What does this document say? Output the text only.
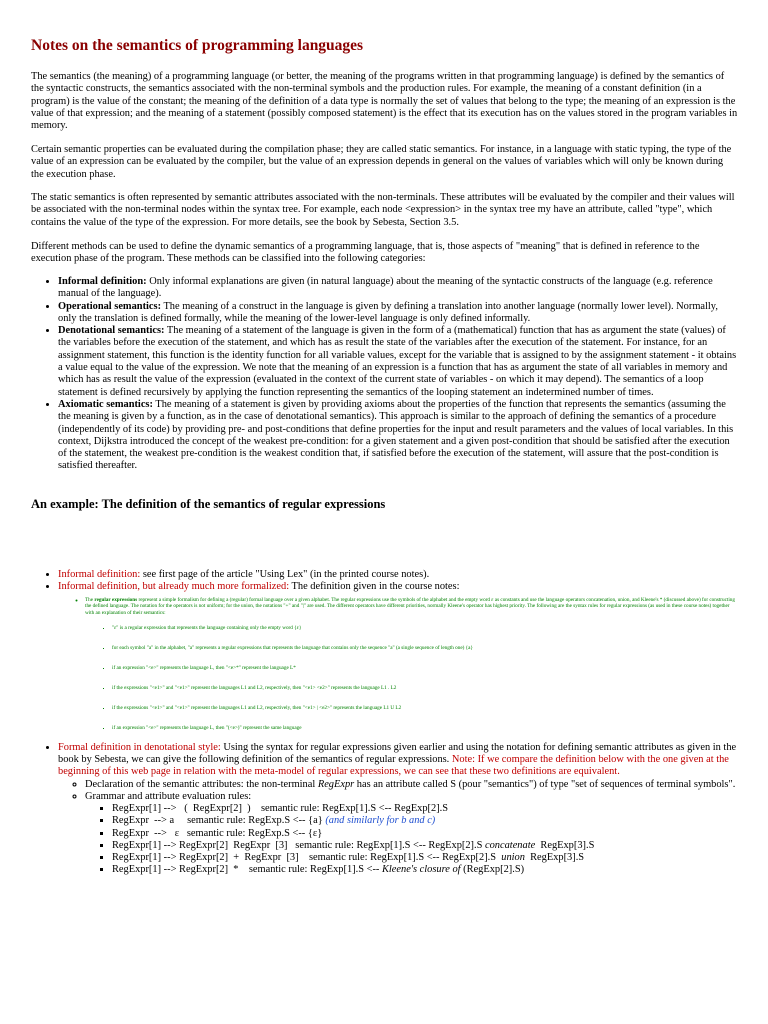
Notes on the semantics of programming languages

The semantics (the meaning) of a programming language (or better, the meaning of the programs written in that programming language) is defined by the semantics of the syntactic constructs, the semantics associated with the non-terminal symbols and the production rules. For example, the meaning of a constant definition (in a program) is the value of the constant; the meaning of the definition of a data type is normally the set of values that belong to the type; the meaning of an expression is the value of that expression; and the meaning of a statement (possibly composed statement) is the effect that its execution has on the values stored in the program variables in memory.

Certain semantic properties can be evaluated during the compilation phase; they are called static semantics. For instance, in a language with static typing, the type of the value of an expression can be evaluated by the compiler, but the value of an expression depends in general on the values of variables which will only be known during the execution phase.

The static semantics is often represented by semantic attributes associated with the non-terminals. These attributes will be evaluated by the compiler and their values will be associated with the non-terminal nodes within the syntax tree. For example, each node <expression> in the syntax tree my have an attribute, called "type", which contains the value of the type of the expression. For more details, see the book by Sebesta, Section 3.5.

Different methods can be used to define the dynamic semantics of a programming language, that is, those aspects of "meaning" that is defined in reference to the execution phase of the program. These methods can be classified into the following categories:

• Informal definition: Only informal explanations are given (in natural language) about the meaning of the syntactic constructs of the language (e.g. reference manual of the language).
• Operational semantics: The meaning of a construct in the language is given by defining a translation into another language (normally lower level). Normally, only the translation is defined formally, while the meaning of the lower-level language is only defined informally.
• Denotational semantics: The meaning of a statement of the language is given in the form of a (mathematical) function that has as argument the state (values) of the variables before the execution of the statement, and which has as result the state of the variables after the execution of the statement. For instance, for an assignment statement, this function is the identity function for all variable values, except for the variable that is assigned to by the assignment statement - it obtains a value equal to the value of the expression. We note that the meaning of an expression is a function that has as argument the state of all variables in memory and which has as result the value of the expression (evaluated in the context of the current state of variables - on which it may depend). The semantics of a loop statement is defined recursively by applying the function representing the semantics of the looping statement an indetermined number of times.
• Axiomatic semantics: The meaning of a statement is given by providing axioms about the properties of the function that represents the semantics (assuming the the meaning is given by a function, as in the case of denotational semantics). This approach is similar to the approach of defining the semantics of a procedure (independently of its code) by providing pre- and post-conditions that define properties for the input and result parameters and the values of local variables. In this context, Dijkstra introduced the concept of the weakest pre-condition: for a given statement and a given post-condition that should be satisfied after the execution of the statement, the weakest pre-condition is the weakest condition that, if satisfied before the execution of the statement, will assure that the post-condition is satisfied thereafter.
An example: The definition of the semantics of regular expressions
• Informal definition: see first page of the article "Using Lex" (in the printed course notes).
• Informal definition, but already much more formalized: The definition given in the course notes:
◦ The regular expressions represent a simple formalism for defining a (regular) formal language over a given alphabet. The regular expressions use the symbols of the alphabet and the empty word ε as constants and use the language operators concatenation, union, and Kleene's * (discussed above) for constructing the defined language. The notation for the operators is not uniform; for the union, the notations "+" and "|" are used. The different operators have different priorities, normally Kleene's operator has highest priority. The following are the syntax rules for regular expressions (as used in these course notes) together with an explanation of their semantics:
▪ "ε" is a regular expression that represents the language containing only the empty word {ε}
▪ for each symbol "a" in the alphabet, "a" represents a regular expressions that represents the language that contains only the sequence "a" (a single sequence of length one) {a}
▪ if an expression "<e>" represents the language L, then "<e>*" represent the language L*
▪ if the expressions "<e1>" and "<e1>" represent the languages L1 and L2, respectively, then "<e1> <e2>" represents the language L1 . L2
▪ if the expressions "<e1>" and "<e1>" represent the languages L1 and L2, respectively, then "<e1> | <e2>" represents the language L1 U L2
▪ if an expression "<e>" represents the language L, then "(<e>)" represent the same language
• Formal definition in denotational style: Using the syntax for regular expressions given earlier and using the notation for defining semantic attributes as given in the book by Sebesta, we can give the following definition of the semantics of regular expressions. Note: If we compare the definition below with the one given at the beginning of this web page in relation with the meta-model of regular expressions, we can see that these two definitions are equivalent.
◦ Declaration of the semantic attributes: the non-terminal RegExpr has an attribute called S (pour "semantics") of type "set of sequences of terminal symbols".
◦ Grammar and attribute evaluation rules:
▪ RegExpr[1] -->   (  RegExpr[2]  )    semantic rule: RegExp[1].S <-- RegExp[2].S
▪ RegExpr  --> a     semantic rule: RegExp.S <-- {a} (and similarly for b and c)
▪ RegExpr  -->   ε   semantic rule: RegExp.S <-- {ε}
▪ RegExpr[1] --> RegExpr[2]  RegExpr  [3]   semantic rule: RegExp[1].S <-- RegExp[2].S concatenate  RegExp[3].S
▪ RegExpr[1] --> RegExpr[2]  +  RegExpr  [3]    semantic rule: RegExp[1].S <-- RegExp[2].S  union  RegExp[3].S
▪ RegExpr[1] --> RegExpr[2]  *    semantic rule: RegExp[1].S <-- Kleene's closure of (RegExp[2].S)
